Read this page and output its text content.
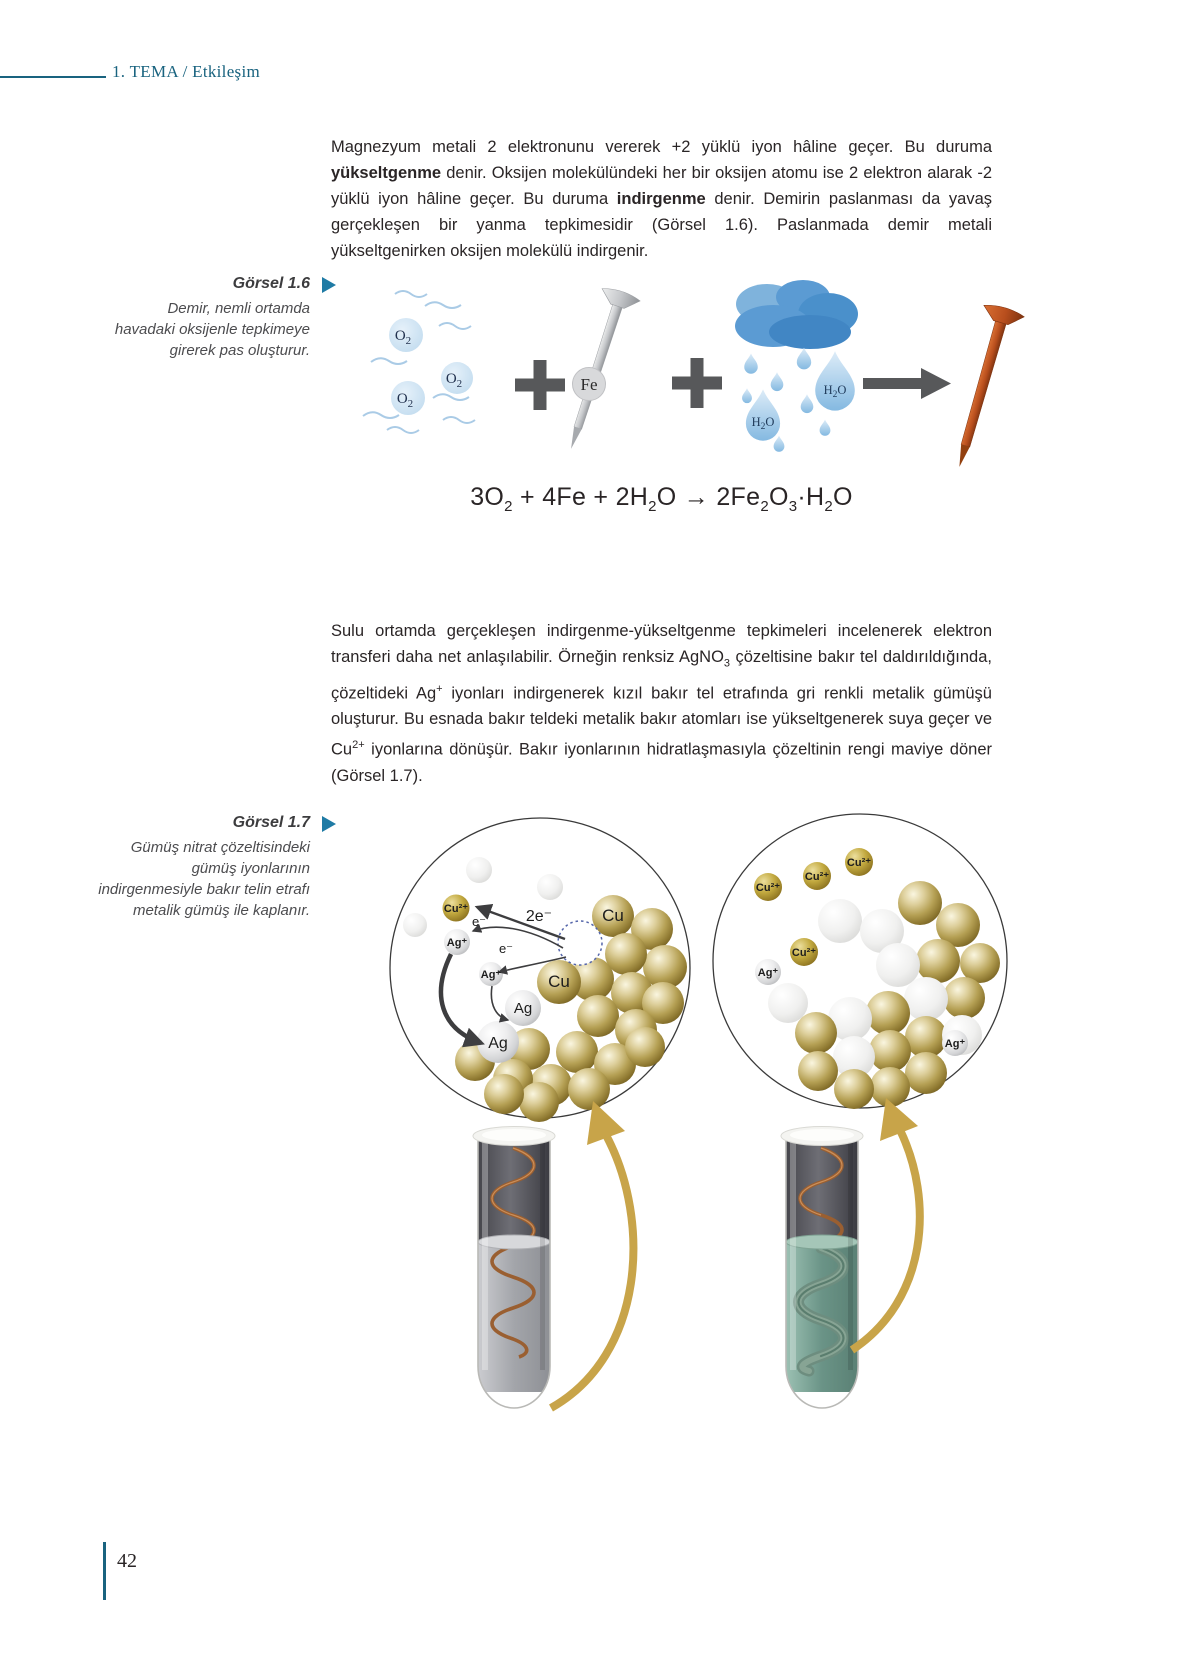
1. TEMA / Etkileşim

Magnezyum metali 2 elektronunu vererek +2 yüklü iyon hâline geçer. Bu duruma yükseltgenme denir. Oksijen molekülündeki her bir oksijen atomu ise 2 elektron alarak -2 yüklü iyon hâline geçer. Bu duruma indirgenme denir. Demirin paslanması da yavaş gerçekleşen bir yanma tepkimesidir (Görsel 1.6). Paslanmada demir metali yükseltgenirken oksijen molekülü indirgenir.

Görsel 1.6
Demir, nemli ortamda havadaki oksijenle tepkimeye girerek pas oluşturur.
$O_2$
$O_2$
$O_2$
Fe
$H_2O$
$H_2O$
$3O_2 + 4Fe + 2H_2O \to 2Fe_2O_3\cdot H_2O$

Sulu ortamda gerçekleşen indirgenme-yükseltgenme tepkimeleri incelenerek elektron transferi daha net anlaşılabilir. Örneğin renksiz AgNO$_3$ çözeltisine bakır tel daldırıldığında, çözeltideki Ag+ iyonları indirgenerek kızıl bakır tel etrafında gri renkli metalik gümüşü oluşturur. Bu esnada bakır teldeki metalik bakır atomları ise yükseltgenerek suya geçer ve $Cu^{2+}$ iyonlarına dönüşür. Bakır iyonlarının hidratlaşmasıyla çözeltinin rengi maviye döner (Görsel 1.7).

Görsel 1.7
Gümüş nitrat çözeltisindeki gümüş iyonlarının indirgenmesiyle bakır telin etrafı metalik gümüş ile kaplanır.	Cu²⁺
Ag⁺
Ag⁺
2e⁻
e⁻
e⁻
Cu
Cu
Ag
Ag
Cu²⁺
Cu²⁺
Cu²⁺
Cu²⁺
Ag⁺
Ag⁺
42
